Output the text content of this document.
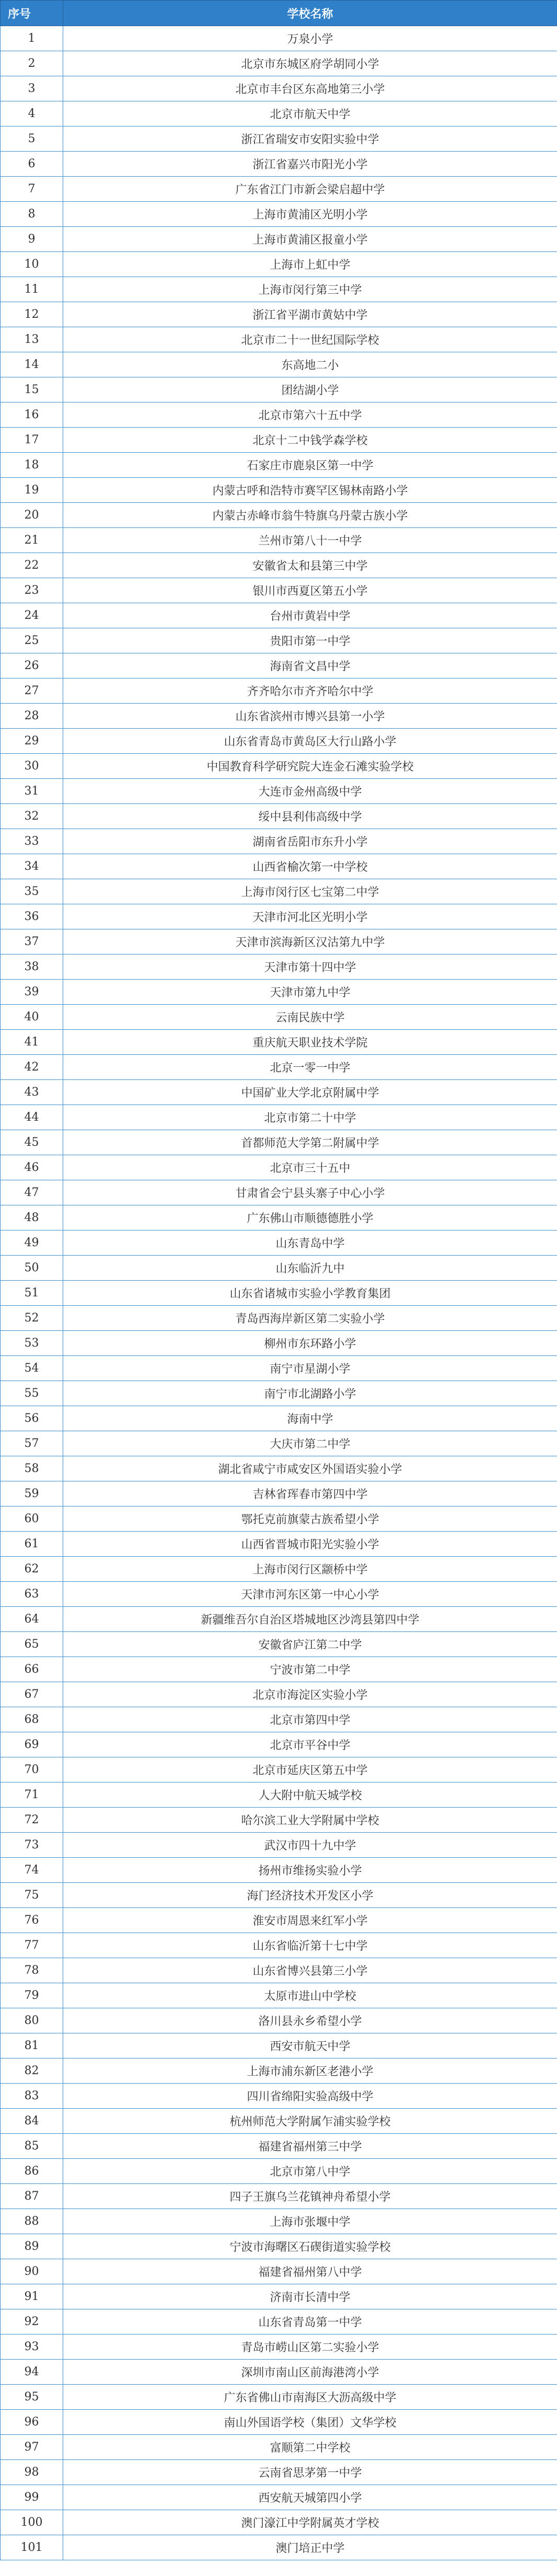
序号	学校名称
1	万泉小学
2	北京市东城区府学胡同小学
3	北京市丰台区东高地第三小学
4	北京市航天中学
5	浙江省瑞安市安阳实验中学
6	浙江省嘉兴市阳光小学
7	广东省江门市新会梁启超中学
8	上海市黄浦区光明小学
9	上海市黄浦区报童小学
10	上海市上虹中学
11	上海市闵行第三中学
12	浙江省平湖市黄姑中学
13	北京市二十一世纪国际学校
14	东高地二小
15	团结湖小学
16	北京市第六十五中学
17	北京十二中钱学森学校
18	石家庄市鹿泉区第一中学
19	内蒙古呼和浩特市赛罕区锡林南路小学
20	内蒙古赤峰市翁牛特旗乌丹蒙古族小学
21	兰州市第八十一中学
22	安徽省太和县第三中学
23	银川市西夏区第五小学
24	台州市黄岩中学
25	贵阳市第一中学
26	海南省文昌中学
27	齐齐哈尔市齐齐哈尔中学
28	山东省滨州市博兴县第一小学
29	山东省青岛市黄岛区大行山路小学
30	中国教育科学研究院大连金石滩实验学校
31	大连市金州高级中学
32	绥中县利伟高级中学
33	湖南省岳阳市东升小学
34	山西省榆次第一中学校
35	上海市闵行区七宝第二中学
36	天津市河北区光明小学
37	天津市滨海新区汉沽第九中学
38	天津市第十四中学
39	天津市第九中学
40	云南民族中学
41	重庆航天职业技术学院
42	北京一零一中学
43	中国矿业大学北京附属中学
44	北京市第二十中学
45	首都师范大学第二附属中学
46	北京市三十五中
47	甘肃省会宁县头寨子中心小学
48	广东佛山市顺德德胜小学
49	山东青岛中学
50	山东临沂九中
51	山东省诸城市实验小学教育集团
52	青岛西海岸新区第二实验小学
53	柳州市东环路小学
54	南宁市星湖小学
55	南宁市北湖路小学
56	海南中学
57	大庆市第二中学
58	湖北省咸宁市咸安区外国语实验小学
59	吉林省珲春市第四中学
60	鄂托克前旗蒙古族希望小学
61	山西省晋城市阳光实验小学
62	上海市闵行区颛桥中学
63	天津市河东区第一中心小学
64	新疆维吾尔自治区塔城地区沙湾县第四中学
65	安徽省庐江第二中学
66	宁波市第二中学
67	北京市海淀区实验小学
68	北京市第四中学
69	北京市平谷中学
70	北京市延庆区第五中学
71	人大附中航天城学校
72	哈尔滨工业大学附属中学校
73	武汉市四十九中学
74	扬州市维扬实验小学
75	海门经济技术开发区小学
76	淮安市周恩来红军小学
77	山东省临沂第十七中学
78	山东省博兴县第三小学
79	太原市进山中学校
80	洛川县永乡希望小学
81	西安市航天中学
82	上海市浦东新区老港小学
83	四川省绵阳实验高级中学
84	杭州师范大学附属乍浦实验学校
85	福建省福州第三中学
86	北京市第八中学
87	四子王旗乌兰花镇神舟希望小学
88	上海市张堰中学
89	宁波市海曙区石碶街道实验学校
90	福建省福州第八中学
91	济南市长清中学
92	山东省青岛第一中学
93	青岛市崂山区第二实验小学
94	深圳市南山区前海港湾小学
95	广东省佛山市南海区大沥高级中学
96	南山外国语学校（集团）文华学校
97	富顺第二中学校
98	云南省思茅第一中学
99	西安航天城第四小学
100	澳门濠江中学附属英才学校
101	澳门培正中学
